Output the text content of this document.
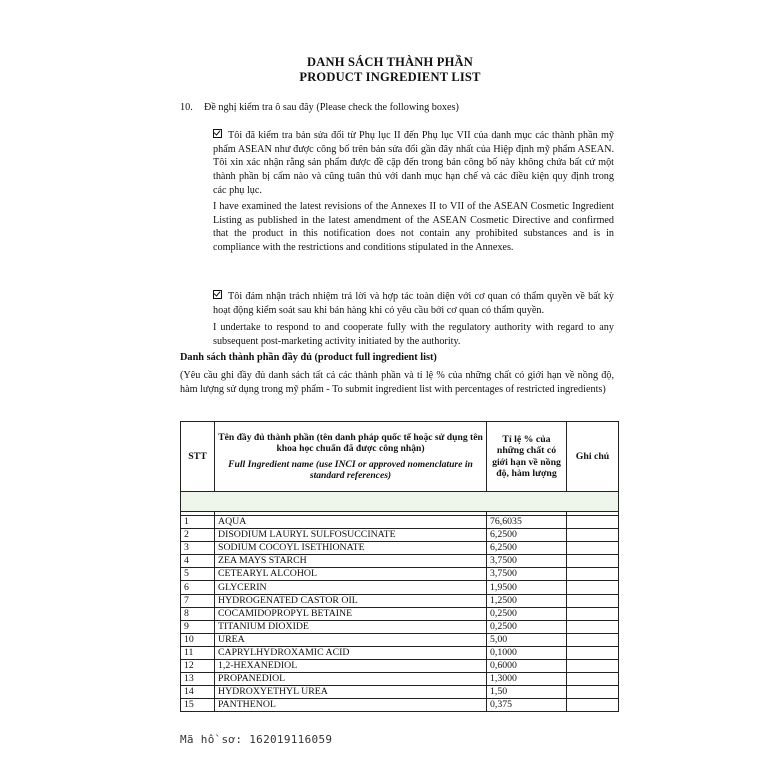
DANH SÁCH THÀNH PHẦN
PRODUCT INGREDIENT LIST
10. Đề nghị kiểm tra ô sau đây (Please check the following boxes)
Tôi đã kiểm tra bản sửa đổi từ Phụ lục II đến Phụ lục VII của danh mục các thành phần mỹ phẩm ASEAN như được công bố trên bản sửa đổi gần đây nhất của Hiệp định mỹ phẩm ASEAN. Tôi xin xác nhận rằng sản phẩm được đề cập đến trong bản công bố này không chứa bất cứ một thành phần bị cấm nào và cũng tuân thủ với danh mục hạn chế và các điều kiện quy định trong các phụ lục.
I have examined the latest revisions of the Annexes II to VII of the ASEAN Cosmetic Ingredient Listing as published in the latest amendment of the ASEAN Cosmetic Directive and confirmed that the product in this notification does not contain any prohibited substances and is in compliance with the restrictions and conditions stipulated in the Annexes.
Tôi đảm nhận trách nhiệm trả lời và hợp tác toàn diện với cơ quan có thẩm quyền về bất kỳ hoạt động kiểm soát sau khi bán hàng khi có yêu cầu bởi cơ quan có thẩm quyền.
I undertake to respond to and cooperate fully with the regulatory authority with regard to any subsequent post-marketing activity initiated by the authority.
Danh sách thành phần đầy đủ (product full ingredient list)
(Yêu cầu ghi đầy đủ danh sách tất cả các thành phần và tỉ lệ % của những chất có giới hạn về nồng độ, hàm lượng sử dụng trong mỹ phẩm - To submit ingredient list with percentages of restricted ingredients)
STT	Tên đầy đủ thành phần (tên danh pháp quốc tế hoặc sử dụng tên khoa học chuẩn đã được công nhận)
Full Ingredient name (use INCI or approved nomenclature in standard references)	Tỉ lệ % của những chất có giới hạn về nồng độ, hàm lượng	Ghi chú

1	AQUA	76,6035	
2	DISODIUM LAURYL SULFOSUCCINATE	6,2500	
3	SODIUM COCOYL ISETHIONATE	6,2500	
4	ZEA MAYS STARCH	3,7500	
5	CETEARYL ALCOHOL	3,7500	
6	GLYCERIN	1,9500	
7	HYDROGENATED CASTOR OIL	1,2500	
8	COCAMIDOPROPYL BETAINE	0,2500	
9	TITANIUM DIOXIDE	0,2500	
10	UREA	5,00	
11	CAPRYLHYDROXAMIC ACID	0,1000	
12	1,2-HEXANEDIOL	0,6000	
13	PROPANEDIOL	1,3000	
14	HYDROXYETHYL UREA	1,50	
15	PANTHENOL	0,375	
Mã hồ sơ: 162019116059
